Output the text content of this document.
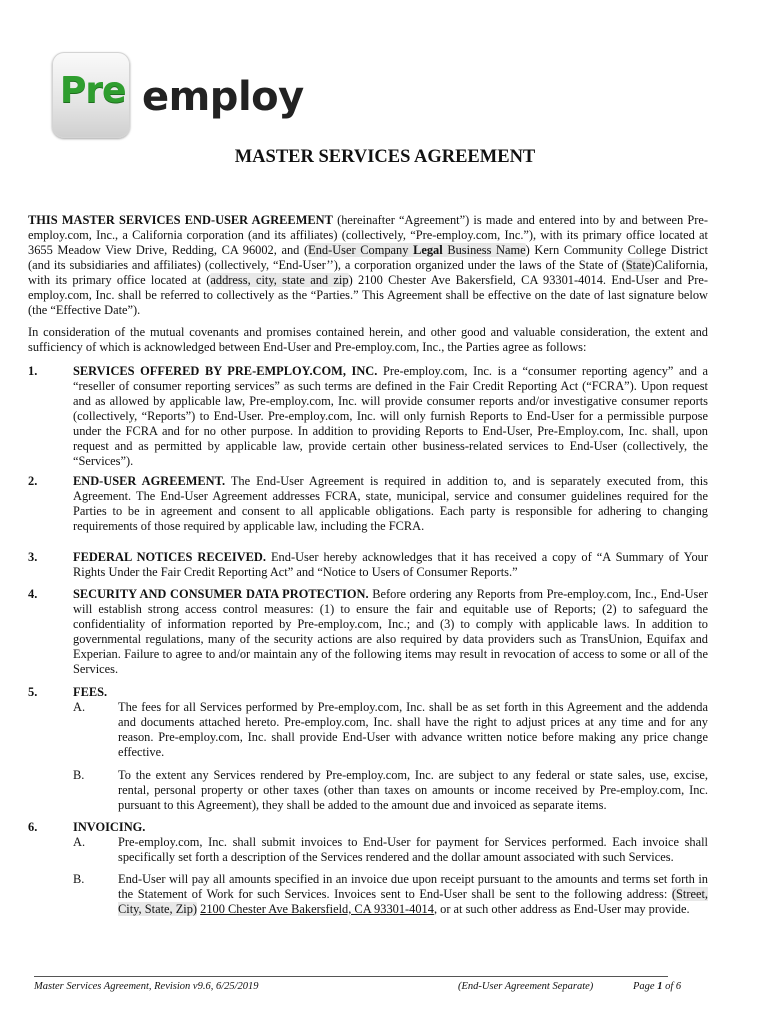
Pre employ
MASTER SERVICES AGREEMENT

THIS MASTER SERVICES END-USER AGREEMENT (hereinafter “Agreement”) is made and entered into by and between Pre-employ.com, Inc., a California corporation (and its affiliates) (collectively, “Pre-employ.com, Inc.”), with its primary office located at 3655 Meadow View Drive, Redding, CA 96002, and (End-User Company Legal Business Name) Kern Community College District (and its subsidiaries and affiliates) (collectively, “End-User’’), a corporation organized under the laws of the State of (State)California, with its primary office located at (address, city, state and zip) 2100 Chester Ave Bakersfield, CA 93301-4014. End-User and Pre-employ.com, Inc. shall be referred to collectively as the “Parties.” This Agreement shall be effective on the date of last signature below (the “Effective Date”).

In consideration of the mutual covenants and promises contained herein, and other good and valuable consideration, the extent and sufficiency of which is acknowledged between End-User and Pre-employ.com, Inc., the Parties agree as follows:

1.	SERVICES OFFERED BY PRE-EMPLOY.COM, INC. Pre-employ.com, Inc. is a “consumer reporting agency” and a “reseller of consumer reporting services” as such terms are defined in the Fair Credit Reporting Act (“FCRA”). Upon request and as allowed by applicable law, Pre-employ.com, Inc. will provide consumer reports and/or investigative consumer reports (collectively, “Reports”) to End-User. Pre-employ.com, Inc. will only furnish Reports to End-User for a permissible purpose under the FCRA and for no other purpose. In addition to providing Reports to End-User, Pre-Employ.com, Inc. shall, upon request and as permitted by applicable law, provide certain other business-related services to End-User (collectively, the “Services”).

2.	END-USER AGREEMENT. The End-User Agreement is required in addition to, and is separately executed from, this Agreement. The End-User Agreement addresses FCRA, state, municipal, service and consumer guidelines required for the Parties to be in agreement and consent to all applicable obligations. Each party is responsible for adhering to changing requirements of those required by applicable law, including the FCRA.

3.	FEDERAL NOTICES RECEIVED. End-User hereby acknowledges that it has received a copy of “A Summary of Your Rights Under the Fair Credit Reporting Act” and “Notice to Users of Consumer Reports.”

4.	SECURITY AND CONSUMER DATA PROTECTION. Before ordering any Reports from Pre-employ.com, Inc., End-User will establish strong access control measures: (1) to ensure the fair and equitable use of Reports; (2) to safeguard the confidentiality of information reported by Pre-employ.com, Inc.; and (3) to comply with applicable laws. In addition to governmental regulations, many of the security actions are also required by data providers such as TransUnion, Equifax and Experian. Failure to agree to and/or maintain any of the following items may result in revocation of access to some or all of the Services.

5.	FEES.
A.	The fees for all Services performed by Pre-employ.com, Inc. shall be as set forth in this Agreement and the addenda and documents attached hereto. Pre-employ.com, Inc. shall have the right to adjust prices at any time and for any reason. Pre-employ.com, Inc. shall provide End-User with advance written notice before making any price change effective.

B.	To the extent any Services rendered by Pre-employ.com, Inc. are subject to any federal or state sales, use, excise, rental, personal property or other taxes (other than taxes on amounts or income received by Pre-employ.com, Inc. pursuant to this Agreement), they shall be added to the amount due and invoiced as separate items.

6.	INVOICING.
A.	Pre-employ.com, Inc. shall submit invoices to End-User for payment for Services performed. Each invoice shall specifically set forth a description of the Services rendered and the dollar amount associated with such Services.

B.	End-User will pay all amounts specified in an invoice due upon receipt pursuant to the amounts and terms set forth in the Statement of Work for such Services. Invoices sent to End-User shall be sent to the following address: (Street, City, State, Zip) 2100 Chester Ave Bakersfield, CA 93301-4014, or at such other address as End-User may provide.

Master Services Agreement, Revision v9.6, 6/25/2019	(End-User Agreement Separate)	Page 1 of 6
